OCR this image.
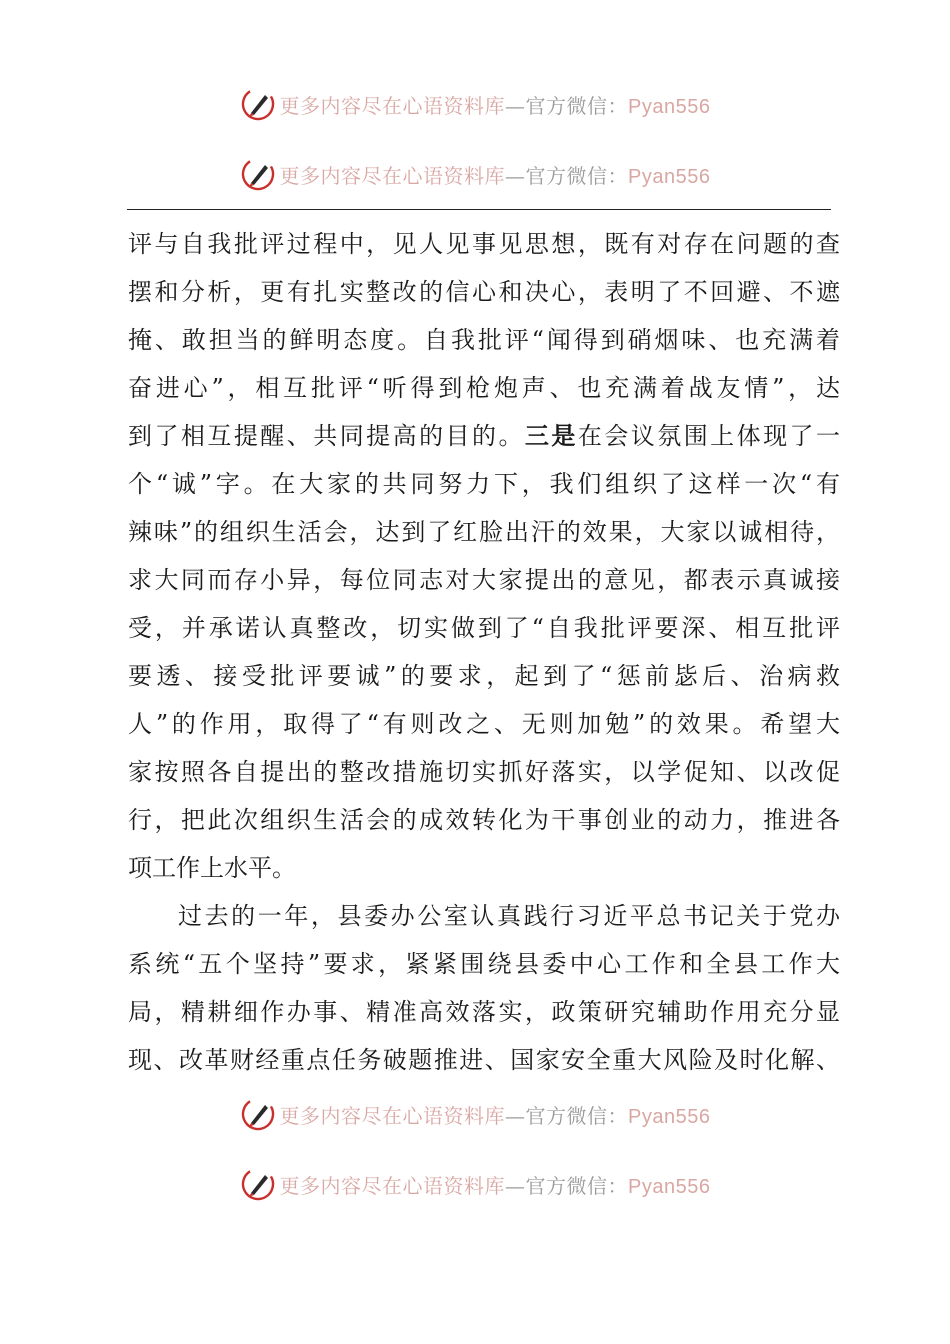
更多内容尽在心语资料库—官方微信：Pyan556
更多内容尽在心语资料库—官方微信：Pyan556
评与自我批评过程中，见人见事见思想，既有对存在问题的查
摆和分析，更有扎实整改的信心和决心，表明了不回避、不遮
掩、敢担当的鲜明态度。自我批评“闻得到硝烟味、也充满着
奋进心”，相互批评“听得到枪炮声、也充满着战友情”，达
到了相互提醒、共同提高的目的。三是在会议氛围上体现了一
个“诚”字。在大家的共同努力下，我们组织了这样一次“有
辣味”的组织生活会，达到了红脸出汗的效果，大家以诚相待，
求大同而存小异，每位同志对大家提出的意见，都表示真诚接
受，并承诺认真整改，切实做到了“自我批评要深、相互批评
要透、接受批评要诚”的要求，起到了“惩前毖后、治病救
人”的作用，取得了“有则改之、无则加勉”的效果。希望大
家按照各自提出的整改措施切实抓好落实，以学促知、以改促
行，把此次组织生活会的成效转化为干事创业的动力，推进各
项工作上水平。
过去的一年，县委办公室认真践行习近平总书记关于党办
系统“五个坚持”要求，紧紧围绕县委中心工作和全县工作大
局，精耕细作办事、精准高效落实，政策研究辅助作用充分显
现、改革财经重点任务破题推进、国家安全重大风险及时化解、
更多内容尽在心语资料库—官方微信：Pyan556
更多内容尽在心语资料库—官方微信：Pyan556
